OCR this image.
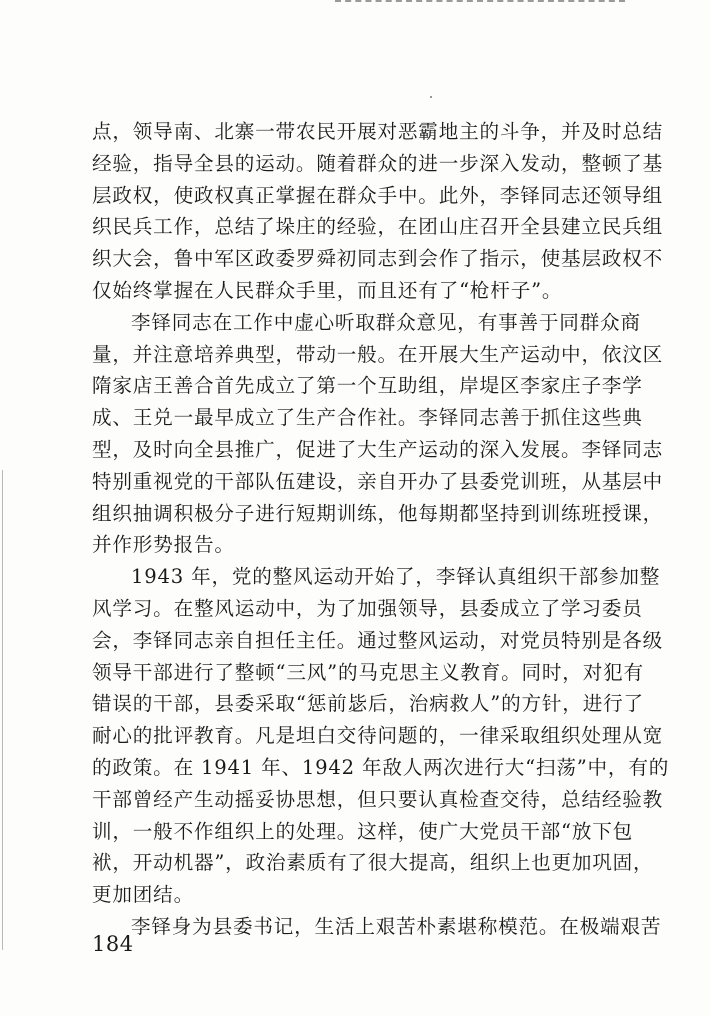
点，领导南、北寨一带农民开展对恶霸地主的斗争，并及时总结
经验，指导全县的运动。随着群众的进一步深入发动，整顿了基
层政权，使政权真正掌握在群众手中。此外，李铎同志还领导组
织民兵工作，总结了垛庄的经验，在团山庄召开全县建立民兵组
织大会，鲁中军区政委罗舜初同志到会作了指示，使基层政权不
仅始终掌握在人民群众手里，而且还有了“枪杆子”。

李铎同志在工作中虚心听取群众意见，有事善于同群众商
量，并注意培养典型，带动一般。在开展大生产运动中，依汶区
隋家店王善合首先成立了第一个互助组，岸堤区李家庄子李学
成、王兑一最早成立了生产合作社。李铎同志善于抓住这些典
型，及时向全县推广，促进了大生产运动的深入发展。李铎同志
特别重视党的干部队伍建设，亲自开办了县委党训班，从基层中
组织抽调积极分子进行短期训练，他每期都坚持到训练班授课，
并作形势报告。

1943 年，党的整风运动开始了，李铎认真组织干部参加整
风学习。在整风运动中，为了加强领导，县委成立了学习委员
会，李铎同志亲自担任主任。通过整风运动，对党员特别是各级
领导干部进行了整顿“三风”的马克思主义教育。同时，对犯有
错误的干部，县委采取“惩前毖后，治病救人”的方针，进行了
耐心的批评教育。凡是坦白交待问题的，一律采取组织处理从宽
的政策。在 1941 年、1942 年敌人两次进行大“扫荡”中，有的
干部曾经产生动摇妥协思想，但只要认真检查交待，总结经验教
训，一般不作组织上的处理。这样，使广大党员干部“放下包
袱，开动机器”，政治素质有了很大提高，组织上也更加巩固，
更加团结。

李铎身为县委书记，生活上艰苦朴素堪称模范。在极端艰苦

184
